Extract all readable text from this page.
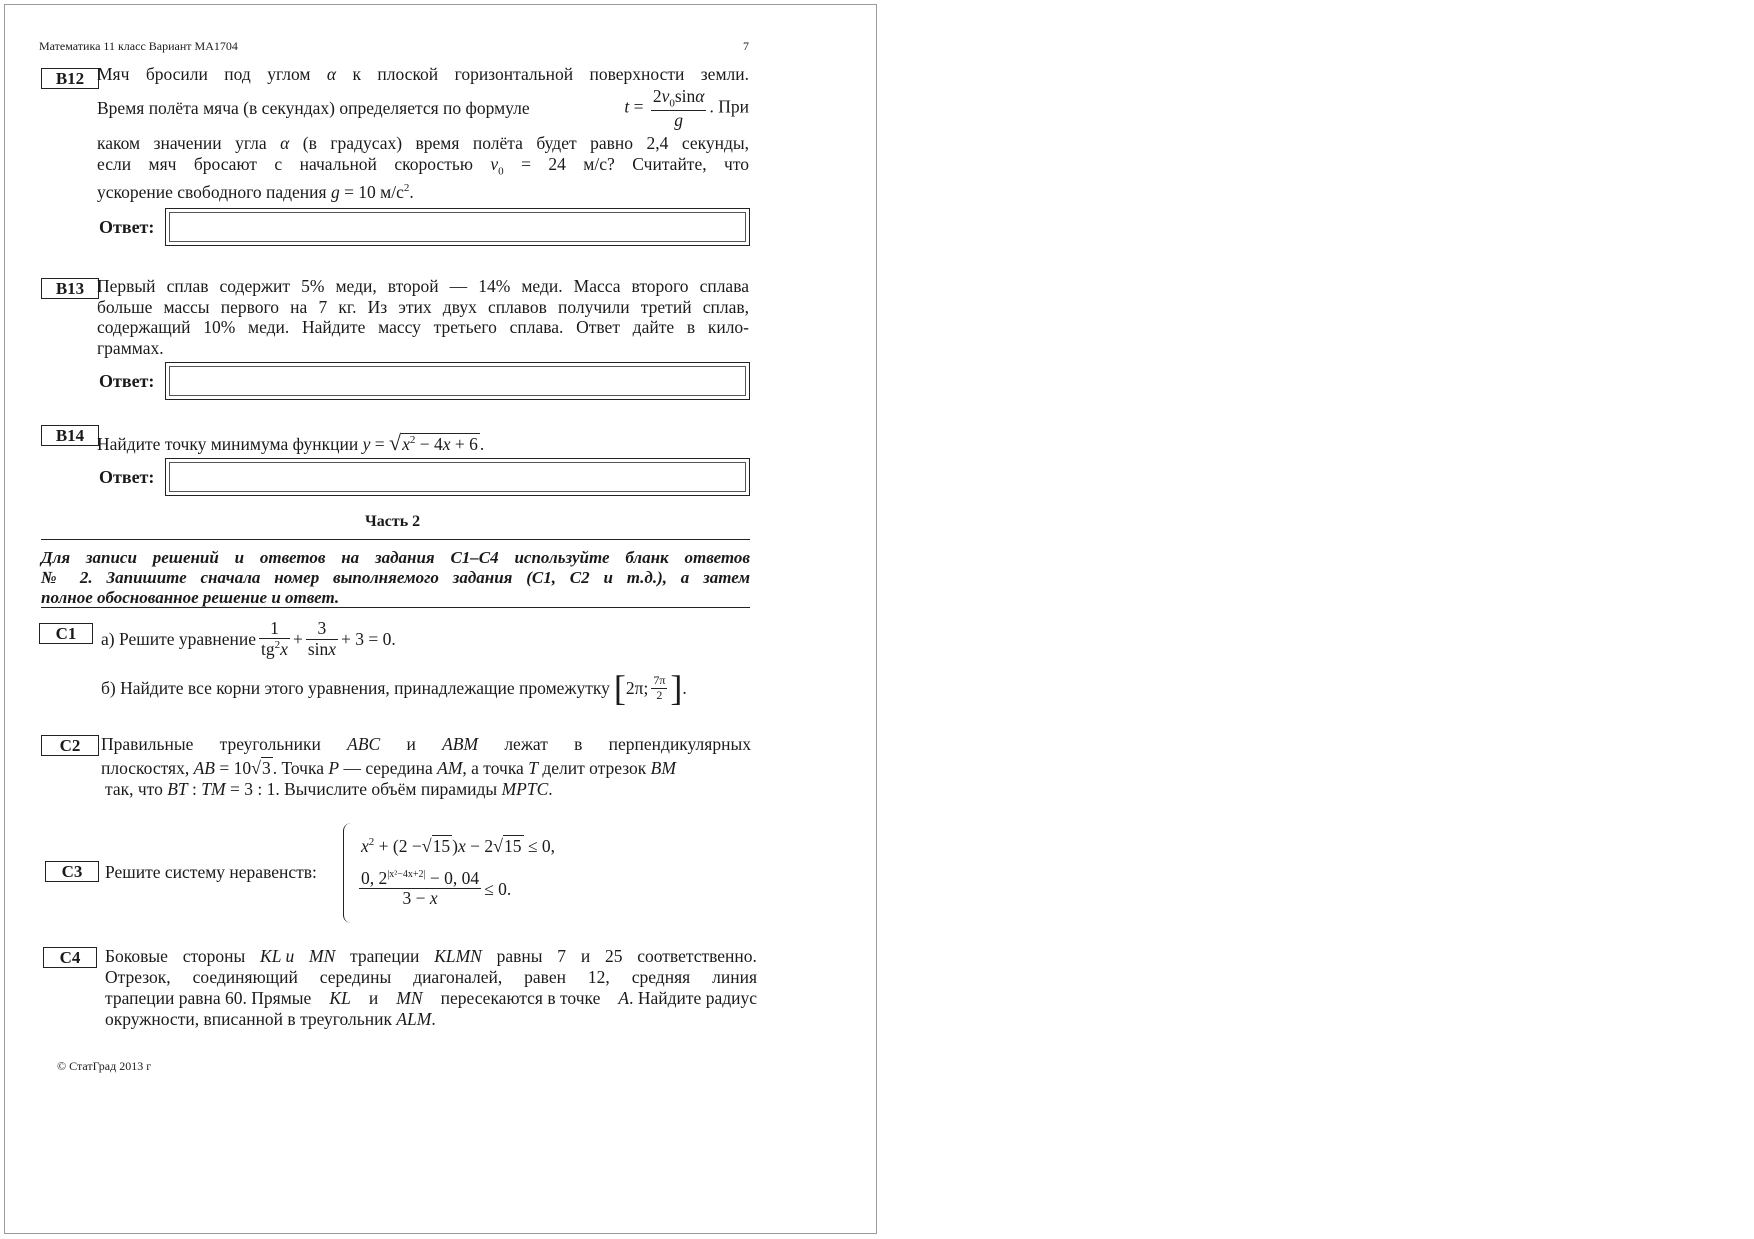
Математика 11 класс Вариант МА1704	7
B12 Мяч бросили под углом α к плоской горизонтальной поверхности земли.
Время полёта мяча (в секундах) определяется по формуле	$t = \frac{2v_0\sin\alpha}{g}$ . При
каком значении угла α (в градусах) время полёта будет равно 2,4 секунды,
если мяч бросают с начальной скоростью $v_0 = 24$ м/с? Считайте, что
ускорение свободного падения g = 10 $м/с^2$.
Ответ:
B13 Первый сплав содержит 5% меди, второй — 14% меди. Масса второго сплава
больше массы первого на 7 кг. Из этих двух сплавов получили третий сплав,
содержащий 10% меди. Найдите массу третьего сплава. Ответ дайте в кило-
граммах.
Ответ:
B14 Найдите точку минимума функции $y = √x^2 - 4x + 6$ .
Ответ:
Часть 2
Для записи решений и ответов на задания С1–С4 используйте бланк ответов
№ 2. Запишите сначала номер выполняемого задания (С1, С2 и т.д.), а затем
полное обоснованное решение и ответ.
C1	а) Решите уравнение $\frac{1}{tg^2x} + \frac{3}{\sin x} + 3 = 0$.
б) Найдите все корни этого уравнения, принадлежащие промежутку [ 2π; $\frac{7\pi}{2}$ ] .
C2	Правильные треугольники ABC и ABM лежат в перпендикулярных
плоскостях, AB = 10√3 . Точка P — середина AM, а точка T делит отрезок BM
так, что BT : TM = 3 : 1. Вычислите объём пирамиды MPTC.
C3	Решите систему неравенств:
$x^2 + (2 -√15$ )x − 2√15 ≤ 0,
$\frac{0, 2^{|x^2-4x+2|} - 0, 04}{3 - x} \le 0$.
C4	Боковые стороны KL и MN трапеции KLMN равны 7 и 25 соответственно.
Отрезок, соединяющий середины диагоналей, равен 12, средняя линия
трапеции равна 60. Прямые KL и MN пересекаются в точке A. Найдите радиус
окружности, вписанной в треугольник ALM.
© СтатГрад 2013 г
